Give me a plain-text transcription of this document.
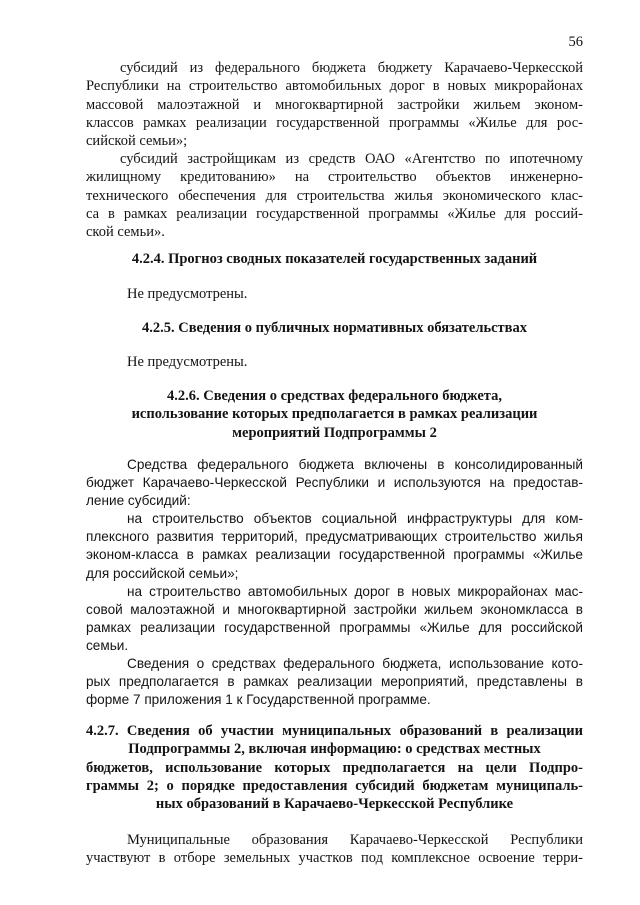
56
субсидий из федерального бюджета бюджету Карачаево-Черкесской
Республики на строительство автомобильных дорог в новых микрорайонах
массовой малоэтажной и многоквартирной застройки жильем эконом-
классов рамках реализации государственной программы «Жилье для рос-
сийской семьи»;
субсидий застройщикам из средств ОАО «Агентство по ипотечному
жилищному кредитованию» на строительство объектов инженерно-
технического обеспечения для строительства жилья экономического клас-
са в рамках реализации государственной программы «Жилье для россий-
ской семьи».
4.2.4. Прогноз сводных показателей государственных заданий
Не предусмотрены.
4.2.5. Сведения о публичных нормативных обязательствах
Не предусмотрены.
4.2.6. Сведения о средствах федерального бюджета,
использование которых предполагается в рамках реализации
мероприятий Подпрограммы 2
Средства федерального бюджета включены в консолидированный
бюджет Карачаево-Черкесской Республики и используются на предостав-
ление субсидий:
на строительство объектов социальной инфраструктуры для ком-
плексного развития территорий, предусматривающих строительство жилья
эконом-класса в рамках реализации государственной программы «Жилье
для российской семьи»;
на строительство автомобильных дорог в новых микрорайонах мас-
совой малоэтажной и многоквартирной застройки жильем экономкласса в
рамках реализации государственной программы «Жилье для российской
семьи.
Сведения о средствах федерального бюджета, использование кото-
рых предполагается в рамках реализации мероприятий, представлены в
форме 7 приложения 1 к Государственной программе.
4.2.7. Сведения об участии муниципальных образований в реализации
Подпрограммы 2, включая информацию: о средствах местных
бюджетов, использование которых предполагается на цели Подпро-
граммы 2; о порядке предоставления субсидий бюджетам муниципаль-
ных образований в Карачаево-Черкесской Республике
Муниципальные образования Карачаево-Черкесской Республики
участвуют в отборе земельных участков под комплексное освоение терри-
